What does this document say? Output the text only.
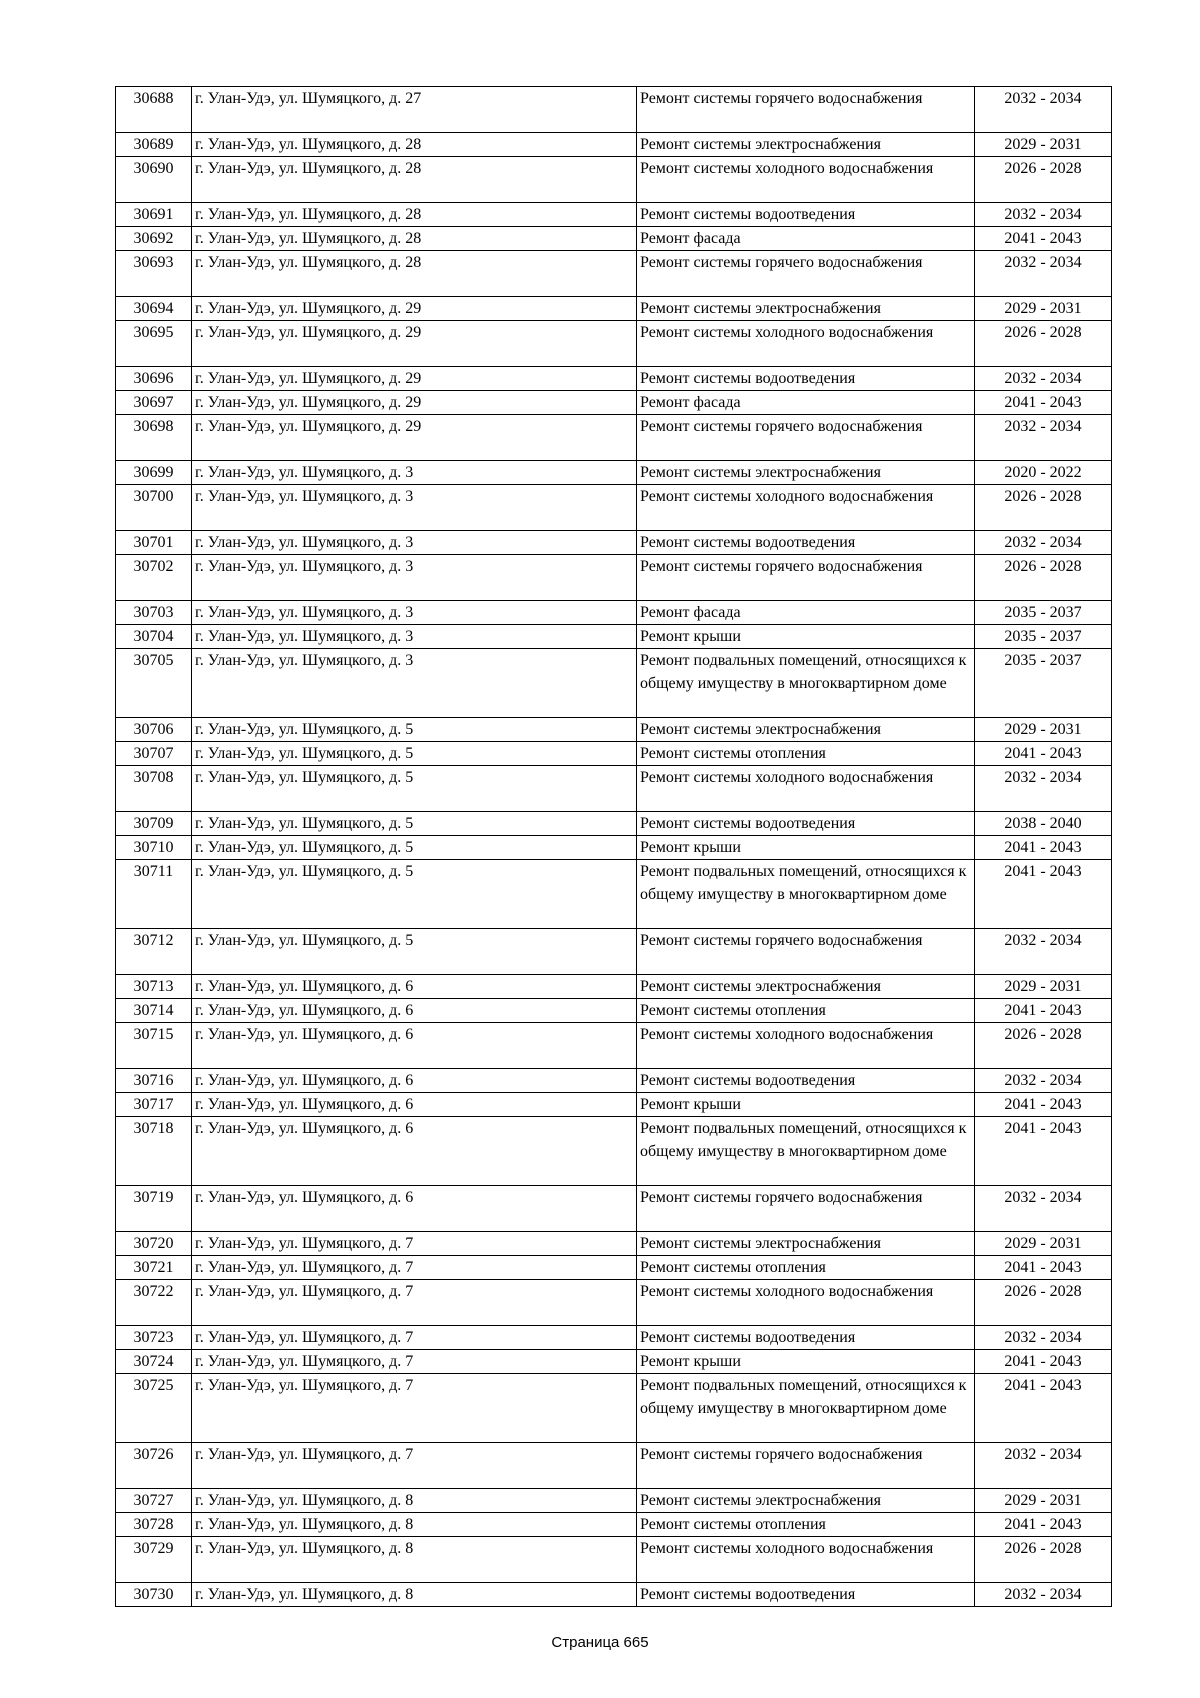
30688	г. Улан-Удэ, ул. Шумяцкого, д. 27	Ремонт системы горячего водоснабжения	2032 - 2034
30689	г. Улан-Удэ, ул. Шумяцкого, д. 28	Ремонт системы электроснабжения	2029 - 2031
30690	г. Улан-Удэ, ул. Шумяцкого, д. 28	Ремонт системы холодного водоснабжения	2026 - 2028
30691	г. Улан-Удэ, ул. Шумяцкого, д. 28	Ремонт системы водоотведения	2032 - 2034
30692	г. Улан-Удэ, ул. Шумяцкого, д. 28	Ремонт фасада	2041 - 2043
30693	г. Улан-Удэ, ул. Шумяцкого, д. 28	Ремонт системы горячего водоснабжения	2032 - 2034
30694	г. Улан-Удэ, ул. Шумяцкого, д. 29	Ремонт системы электроснабжения	2029 - 2031
30695	г. Улан-Удэ, ул. Шумяцкого, д. 29	Ремонт системы холодного водоснабжения	2026 - 2028
30696	г. Улан-Удэ, ул. Шумяцкого, д. 29	Ремонт системы водоотведения	2032 - 2034
30697	г. Улан-Удэ, ул. Шумяцкого, д. 29	Ремонт фасада	2041 - 2043
30698	г. Улан-Удэ, ул. Шумяцкого, д. 29	Ремонт системы горячего водоснабжения	2032 - 2034
30699	г. Улан-Удэ, ул. Шумяцкого, д. 3	Ремонт системы электроснабжения	2020 - 2022
30700	г. Улан-Удэ, ул. Шумяцкого, д. 3	Ремонт системы холодного водоснабжения	2026 - 2028
30701	г. Улан-Удэ, ул. Шумяцкого, д. 3	Ремонт системы водоотведения	2032 - 2034
30702	г. Улан-Удэ, ул. Шумяцкого, д. 3	Ремонт системы горячего водоснабжения	2026 - 2028
30703	г. Улан-Удэ, ул. Шумяцкого, д. 3	Ремонт фасада	2035 - 2037
30704	г. Улан-Удэ, ул. Шумяцкого, д. 3	Ремонт крыши	2035 - 2037
30705	г. Улан-Удэ, ул. Шумяцкого, д. 3	Ремонт подвальных помещений, относящихся к общему имуществу в многоквартирном доме	2035 - 2037
30706	г. Улан-Удэ, ул. Шумяцкого, д. 5	Ремонт системы электроснабжения	2029 - 2031
30707	г. Улан-Удэ, ул. Шумяцкого, д. 5	Ремонт системы отопления	2041 - 2043
30708	г. Улан-Удэ, ул. Шумяцкого, д. 5	Ремонт системы холодного водоснабжения	2032 - 2034
30709	г. Улан-Удэ, ул. Шумяцкого, д. 5	Ремонт системы водоотведения	2038 - 2040
30710	г. Улан-Удэ, ул. Шумяцкого, д. 5	Ремонт крыши	2041 - 2043
30711	г. Улан-Удэ, ул. Шумяцкого, д. 5	Ремонт подвальных помещений, относящихся к общему имуществу в многоквартирном доме	2041 - 2043
30712	г. Улан-Удэ, ул. Шумяцкого, д. 5	Ремонт системы горячего водоснабжения	2032 - 2034
30713	г. Улан-Удэ, ул. Шумяцкого, д. 6	Ремонт системы электроснабжения	2029 - 2031
30714	г. Улан-Удэ, ул. Шумяцкого, д. 6	Ремонт системы отопления	2041 - 2043
30715	г. Улан-Удэ, ул. Шумяцкого, д. 6	Ремонт системы холодного водоснабжения	2026 - 2028
30716	г. Улан-Удэ, ул. Шумяцкого, д. 6	Ремонт системы водоотведения	2032 - 2034
30717	г. Улан-Удэ, ул. Шумяцкого, д. 6	Ремонт крыши	2041 - 2043
30718	г. Улан-Удэ, ул. Шумяцкого, д. 6	Ремонт подвальных помещений, относящихся к общему имуществу в многоквартирном доме	2041 - 2043
30719	г. Улан-Удэ, ул. Шумяцкого, д. 6	Ремонт системы горячего водоснабжения	2032 - 2034
30720	г. Улан-Удэ, ул. Шумяцкого, д. 7	Ремонт системы электроснабжения	2029 - 2031
30721	г. Улан-Удэ, ул. Шумяцкого, д. 7	Ремонт системы отопления	2041 - 2043
30722	г. Улан-Удэ, ул. Шумяцкого, д. 7	Ремонт системы холодного водоснабжения	2026 - 2028
30723	г. Улан-Удэ, ул. Шумяцкого, д. 7	Ремонт системы водоотведения	2032 - 2034
30724	г. Улан-Удэ, ул. Шумяцкого, д. 7	Ремонт крыши	2041 - 2043
30725	г. Улан-Удэ, ул. Шумяцкого, д. 7	Ремонт подвальных помещений, относящихся к общему имуществу в многоквартирном доме	2041 - 2043
30726	г. Улан-Удэ, ул. Шумяцкого, д. 7	Ремонт системы горячего водоснабжения	2032 - 2034
30727	г. Улан-Удэ, ул. Шумяцкого, д. 8	Ремонт системы электроснабжения	2029 - 2031
30728	г. Улан-Удэ, ул. Шумяцкого, д. 8	Ремонт системы отопления	2041 - 2043
30729	г. Улан-Удэ, ул. Шумяцкого, д. 8	Ремонт системы холодного водоснабжения	2026 - 2028
30730	г. Улан-Удэ, ул. Шумяцкого, д. 8	Ремонт системы водоотведения	2032 - 2034
Страница 665
